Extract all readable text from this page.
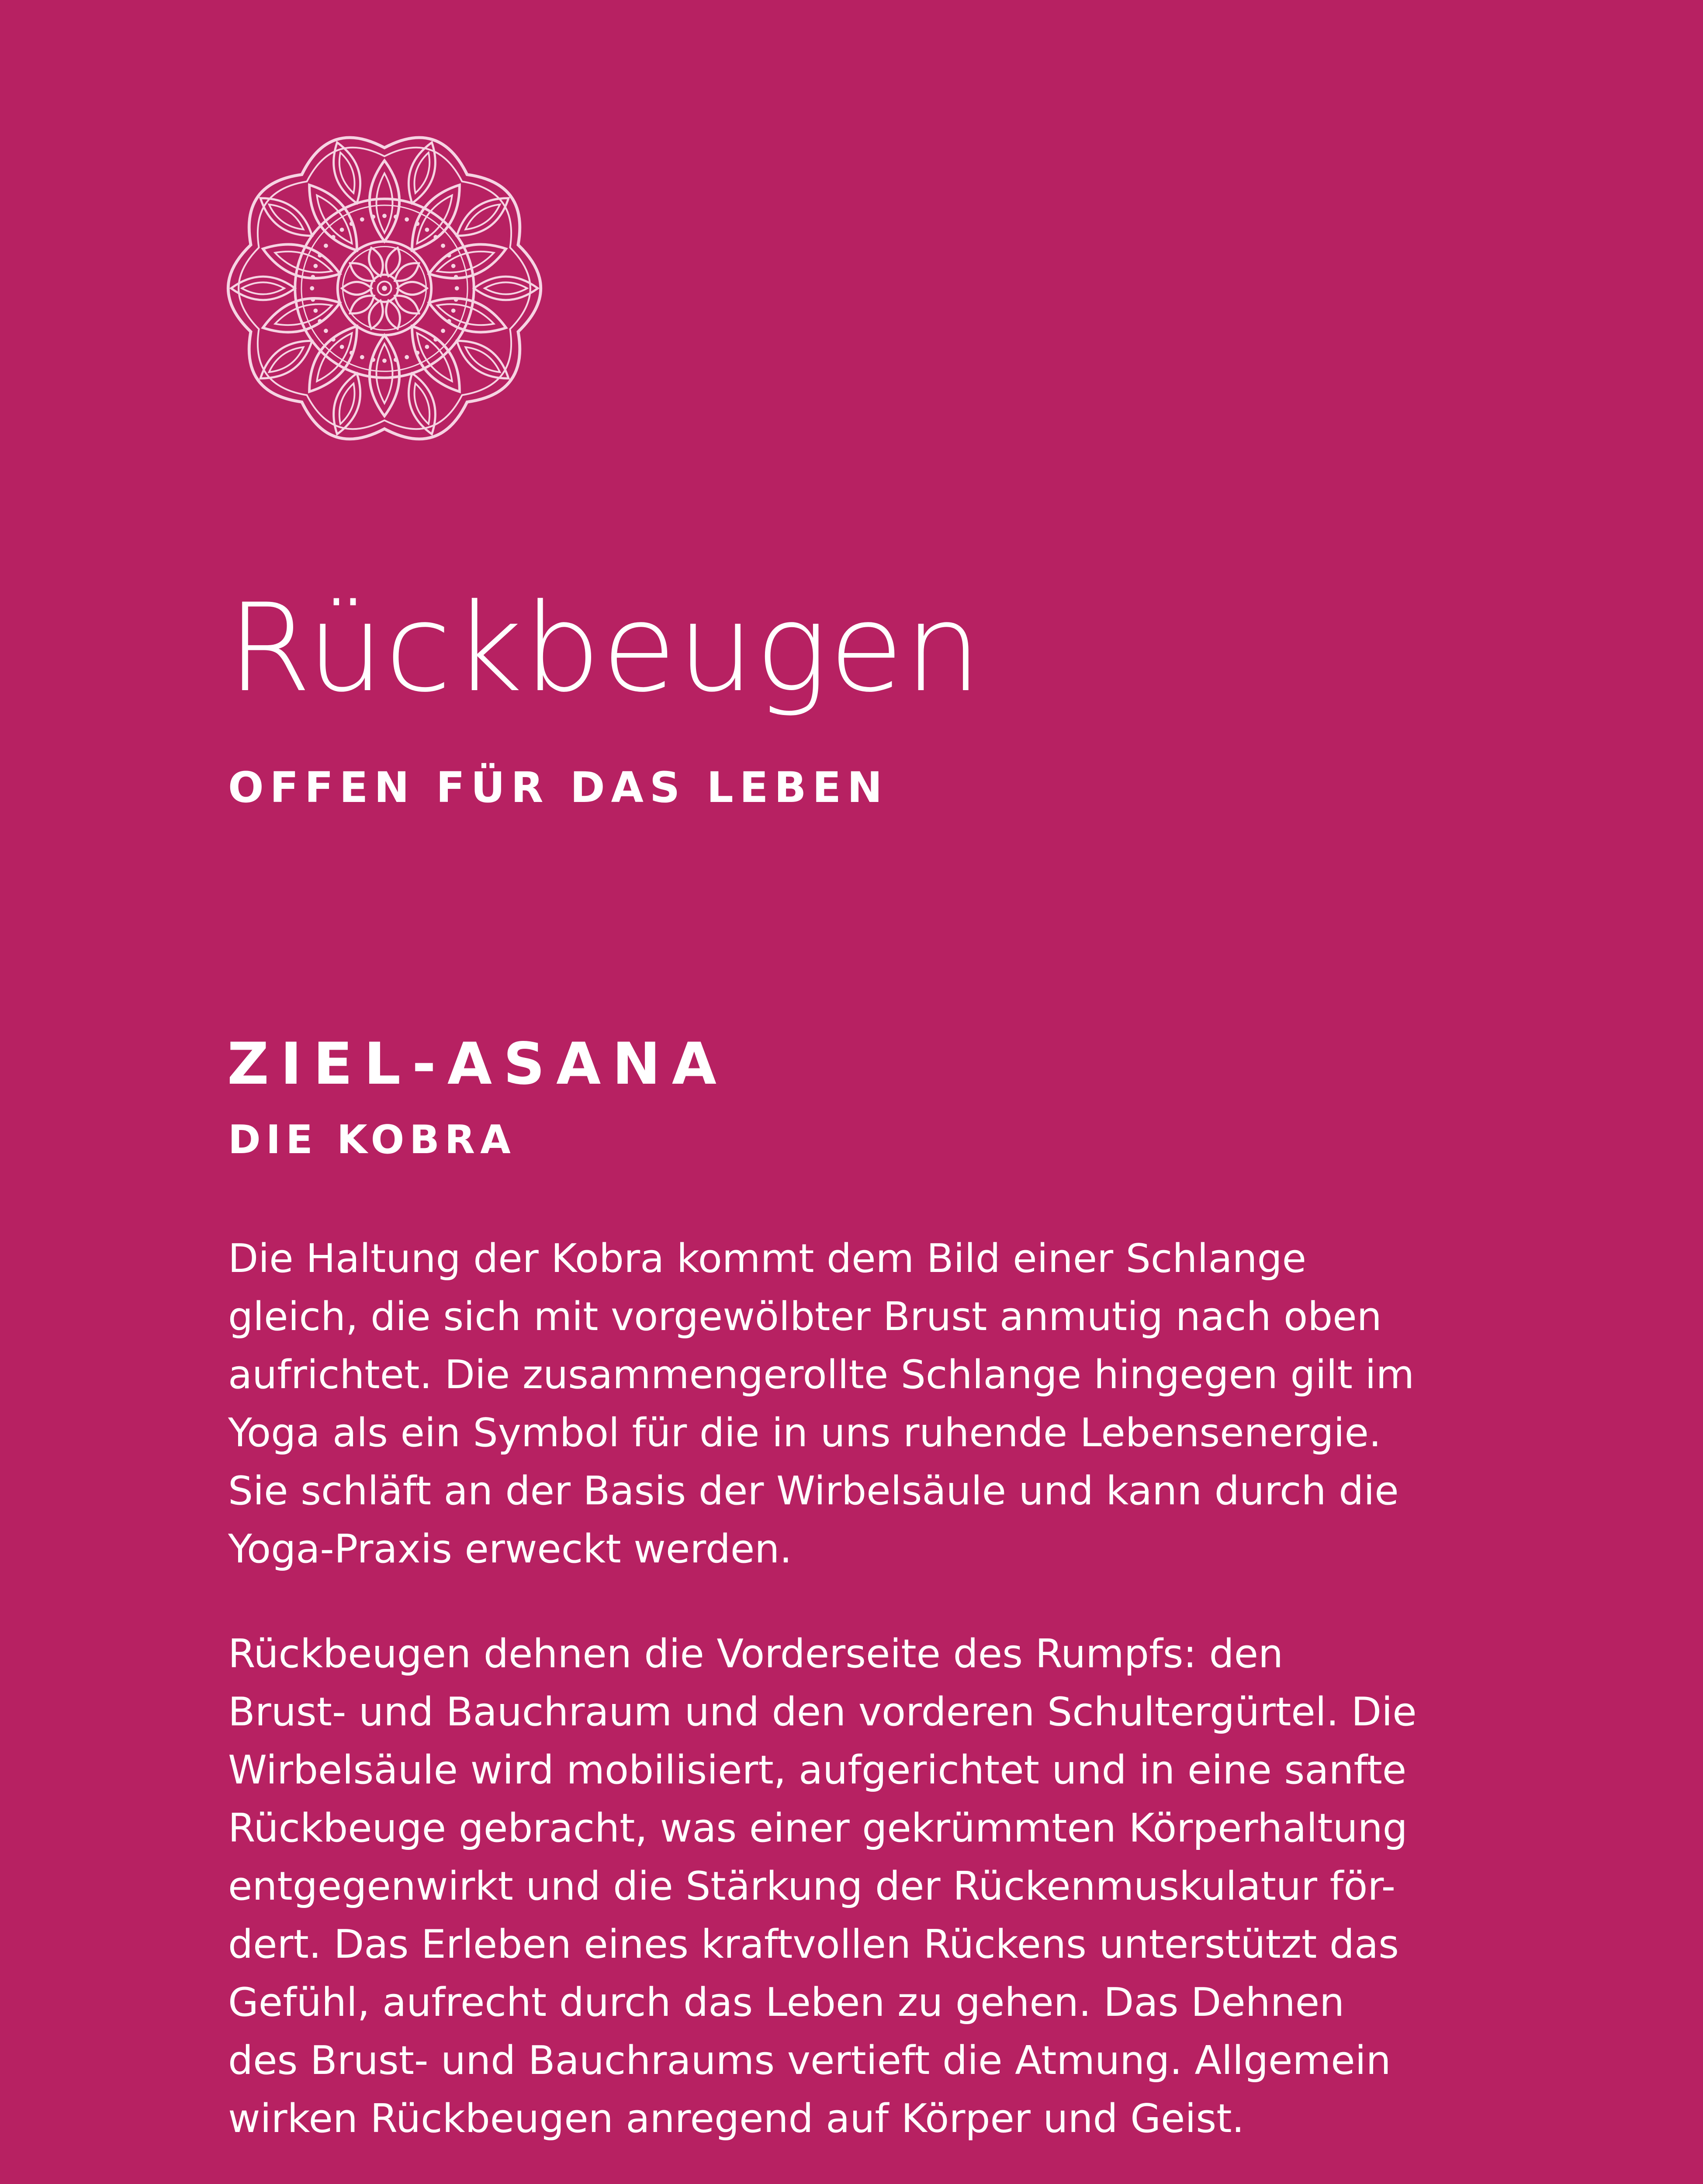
Rückbeugen
OFFEN FÜR DAS LEBEN
ZIEL-ASANA
DIE KOBRA

Die Haltung der Kobra kommt dem Bild einer Schlange
gleich, die sich mit vorgewölbter Brust anmutig nach oben
aufrichtet. Die zusammengerollte Schlange hingegen gilt im
Yoga als ein Symbol für die in uns ruhende Lebensenergie.
Sie schläft an der Basis der Wirbelsäule und kann durch die
Yoga-Praxis erweckt werden.

Rückbeugen dehnen die Vorderseite des Rumpfs: den
Brust- und Bauchraum und den vorderen Schultergürtel. Die
Wirbelsäule wird mobilisiert, aufgerichtet und in eine sanfte
Rückbeuge gebracht, was einer gekrümmten Körperhaltung
entgegenwirkt und die Stärkung der Rückenmuskulatur för-
dert. Das Erleben eines kraftvollen Rückens unterstützt das
Gefühl, aufrecht durch das Leben zu gehen. Das Dehnen
des Brust- und Bauchraums vertieft die Atmung. Allgemein
wirken Rückbeugen anregend auf Körper und Geist.
